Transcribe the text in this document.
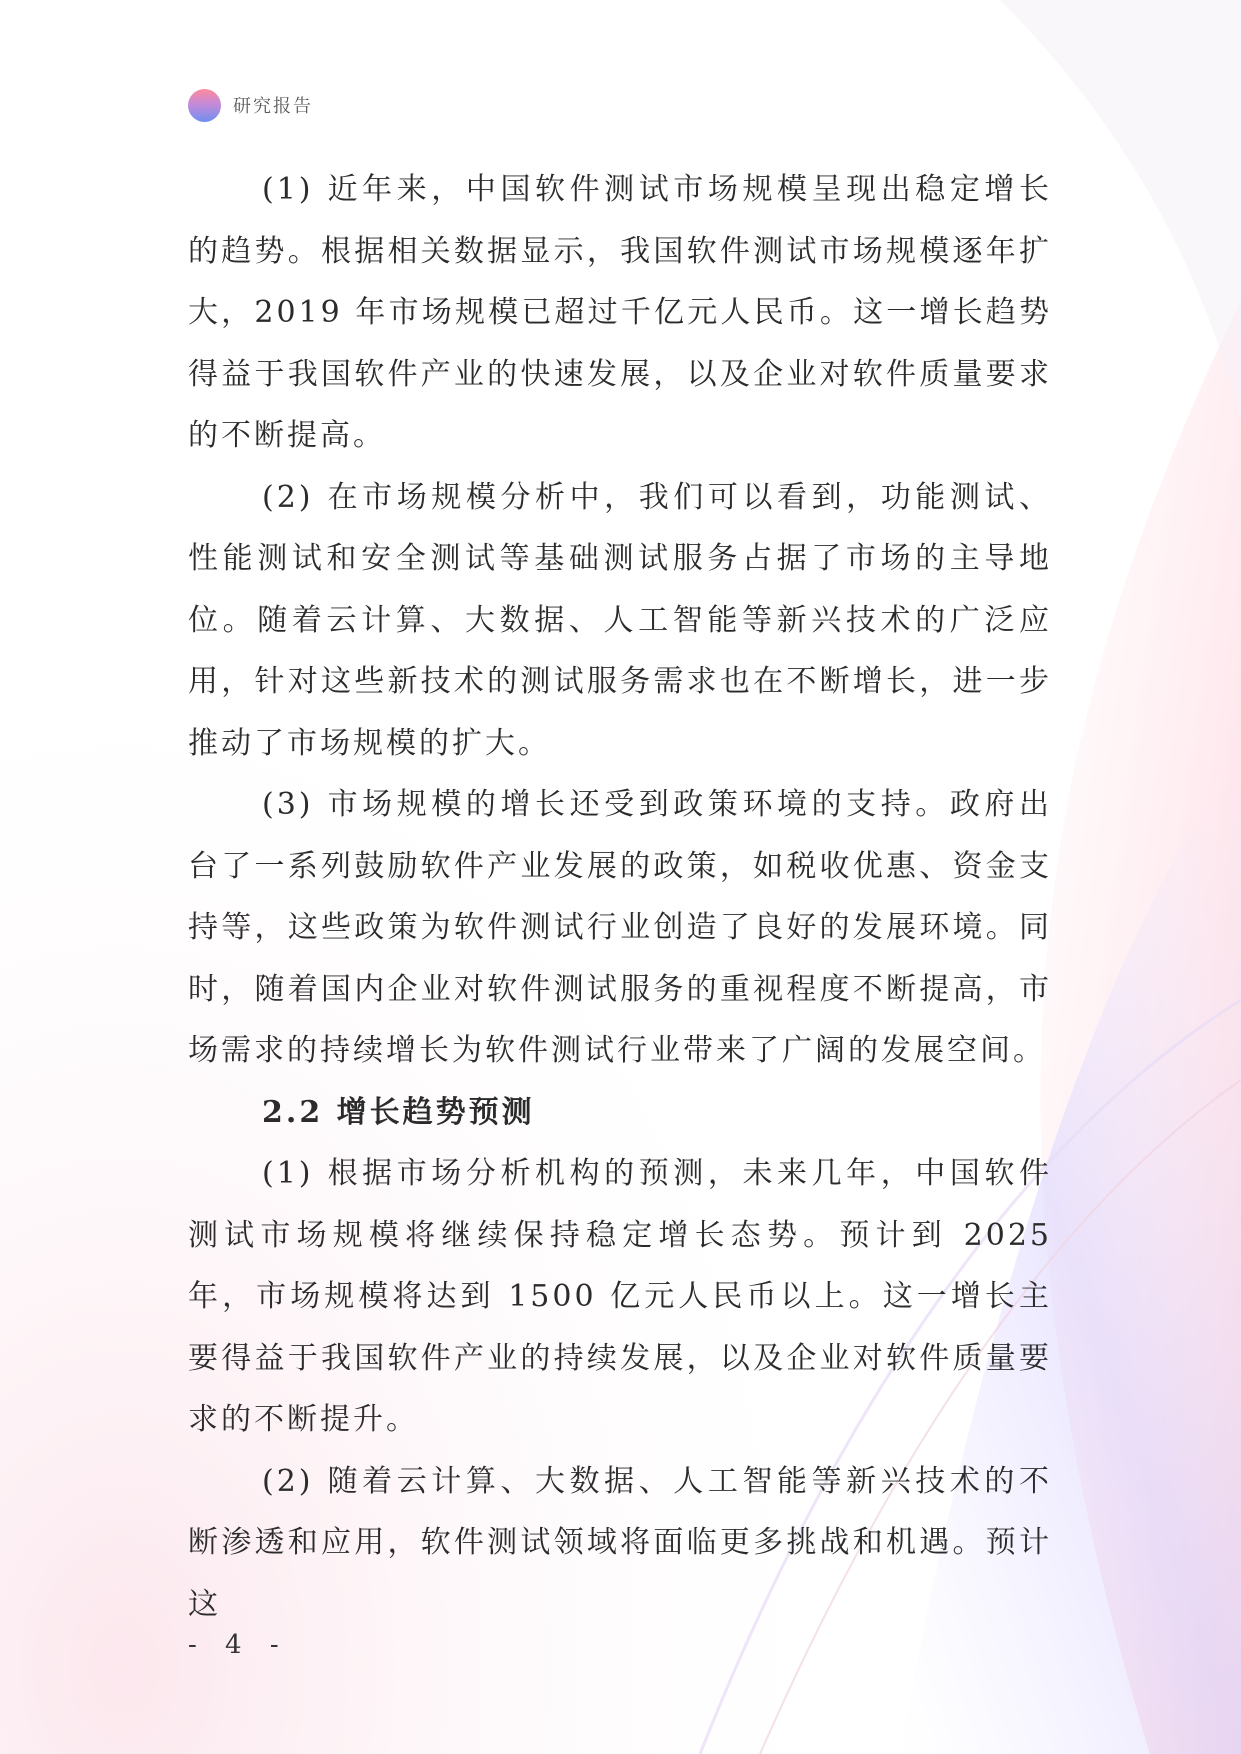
研究报告

(1) 近年来，中国软件测试市场规模呈现出稳定增长的趋势。根据相关数据显示，我国软件测试市场规模逐年扩大，2019 年市场规模已超过千亿元人民币。这一增长趋势得益于我国软件产业的快速发展，以及企业对软件质量要求的不断提高。

(2) 在市场规模分析中，我们可以看到，功能测试、性能测试和安全测试等基础测试服务占据了市场的主导地位。随着云计算、大数据、人工智能等新兴技术的广泛应用，针对这些新技术的测试服务需求也在不断增长，进一步推动了市场规模的扩大。

(3) 市场规模的增长还受到政策环境的支持。政府出台了一系列鼓励软件产业发展的政策，如税收优惠、资金支持等，这些政策为软件测试行业创造了良好的发展环境。同时，随着国内企业对软件测试服务的重视程度不断提高，市场需求的持续增长为软件测试行业带来了广阔的发展空间。

2.2 增长趋势预测

(1) 根据市场分析机构的预测，未来几年，中国软件测试市场规模将继续保持稳定增长态势。预计到 2025 年，市场规模将达到 1500 亿元人民币以上。这一增长主要得益于我国软件产业的持续发展，以及企业对软件质量要求的不断提升。

(2) 随着云计算、大数据、人工智能等新兴技术的不断渗透和应用，软件测试领域将面临更多挑战和机遇。预计这

- 4 -
